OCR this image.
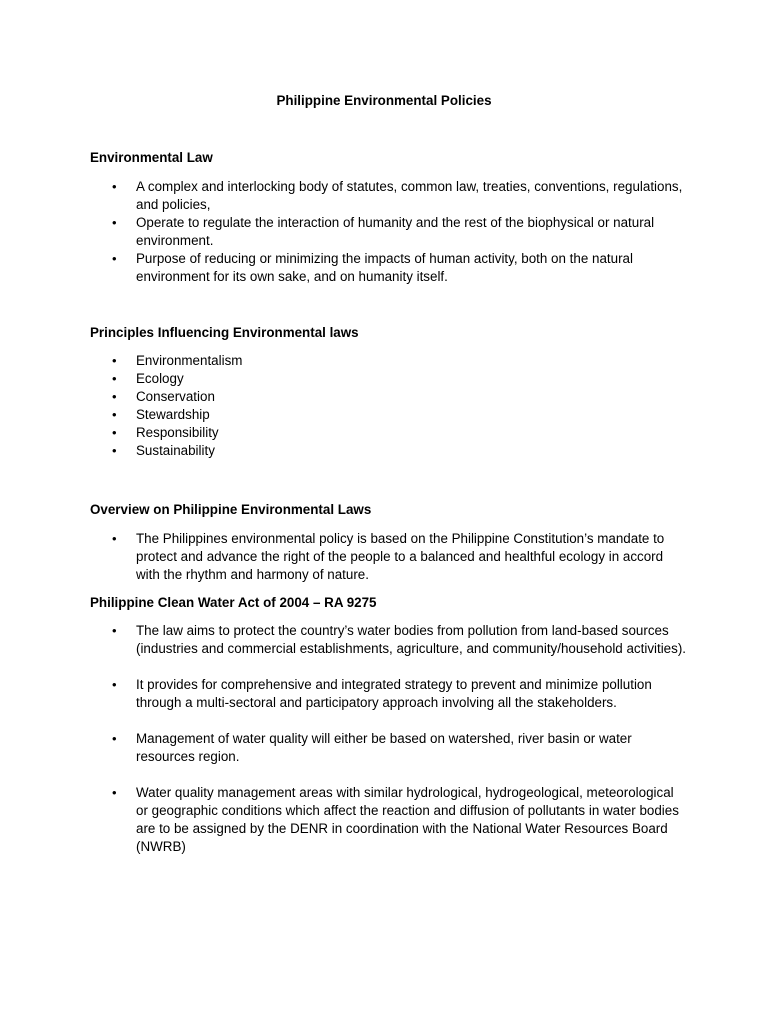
Philippine Environmental Policies
Environmental Law
•	A complex and interlocking body of statutes, common law, treaties, conventions, regulations, and policies,
•	Operate to regulate the interaction of humanity and the rest of the biophysical or natural environment.
•	Purpose of reducing or minimizing the impacts of human activity, both on the natural environment for its own sake, and on humanity itself.
Principles Influencing Environmental laws
•	Environmentalism
•	Ecology
•	Conservation
•	Stewardship
•	Responsibility
•	Sustainability
Overview on Philippine Environmental Laws
•	The Philippines environmental policy is based on the Philippine Constitution’s mandate to protect and advance the right of the people to a balanced and healthful ecology in accord with the rhythm and harmony of nature.
Philippine Clean Water Act of 2004 – RA 9275
•	The law aims to protect the country’s water bodies from pollution from land-based sources (industries and commercial establishments, agriculture, and community/household activities).
•	It provides for comprehensive and integrated strategy to prevent and minimize pollution through a multi-sectoral and participatory approach involving all the stakeholders.
•	Management of water quality will either be based on watershed, river basin or water resources region.
•	Water quality management areas with similar hydrological, hydrogeological, meteorological or geographic conditions which affect the reaction and diffusion of pollutants in water bodies are to be assigned by the DENR in coordination with the National Water Resources Board (NWRB)
